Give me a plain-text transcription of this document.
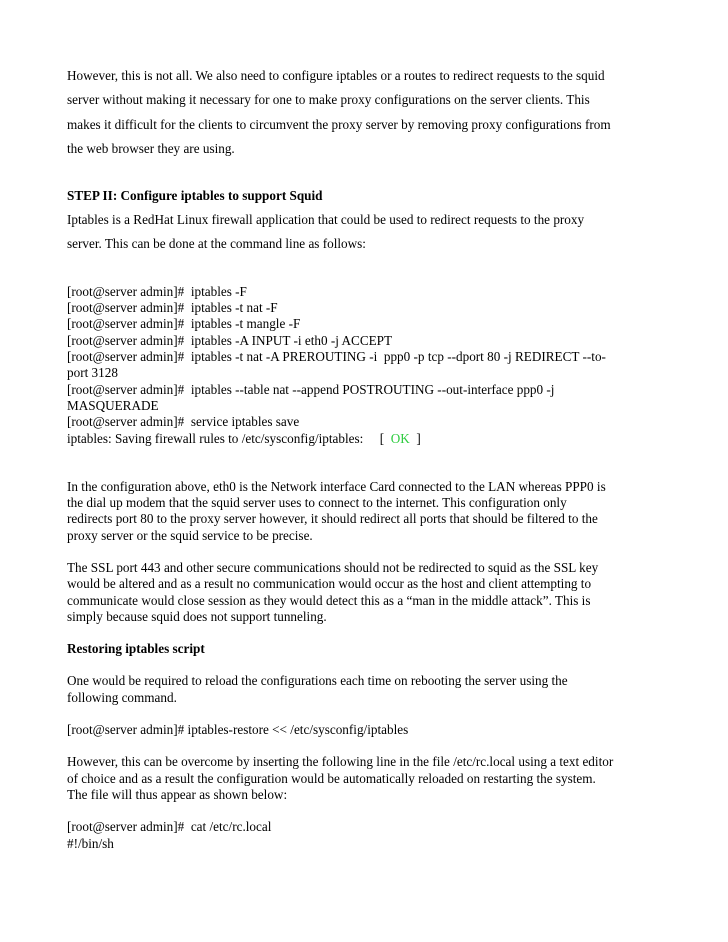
However, this is not all. We also need to configure iptables or a routes to redirect requests to the squid
server without making it necessary for one to make proxy configurations on the server clients. This
makes it difficult for the clients to circumvent the proxy server by removing proxy configurations from
the web browser they are using.
STEP II: Configure iptables to support Squid
Iptables is a RedHat Linux firewall application that could be used to redirect requests to the proxy
server. This can be done at the command line as follows:
[root@server admin]#  iptables -F
[root@server admin]#  iptables -t nat -F
[root@server admin]#  iptables -t mangle -F
[root@server admin]#  iptables -A INPUT -i eth0 -j ACCEPT
[root@server admin]#  iptables -t nat -A PREROUTING -i  ppp0 -p tcp --dport 80 -j REDIRECT --to-
port 3128
[root@server admin]#  iptables --table nat --append POSTROUTING --out-interface ppp0 -j
MASQUERADE
[root@server admin]#  service iptables save
iptables: Saving firewall rules to /etc/sysconfig/iptables:     [  OK  ]
In the configuration above, eth0 is the Network interface Card connected to the LAN whereas PPP0 is
the dial up modem that the squid server uses to connect to the internet. This configuration only
redirects port 80 to the proxy server however, it should redirect all ports that should be filtered to the
proxy server or the squid service to be precise.
The SSL port 443 and other secure communications should not be redirected to squid as the SSL key
would be altered and as a result no communication would occur as the host and client attempting to
communicate would close session as they would detect this as a “man in the middle attack”. This is
simply because squid does not support tunneling.
Restoring iptables script
One would be required to reload the configurations each time on rebooting the server using the
following command.
[root@server admin]# iptables-restore << /etc/sysconfig/iptables
However, this can be overcome by inserting the following line in the file /etc/rc.local using a text editor
of choice and as a result the configuration would be automatically reloaded on restarting the system.
The file will thus appear as shown below:
[root@server admin]#  cat /etc/rc.local
#!/bin/sh
